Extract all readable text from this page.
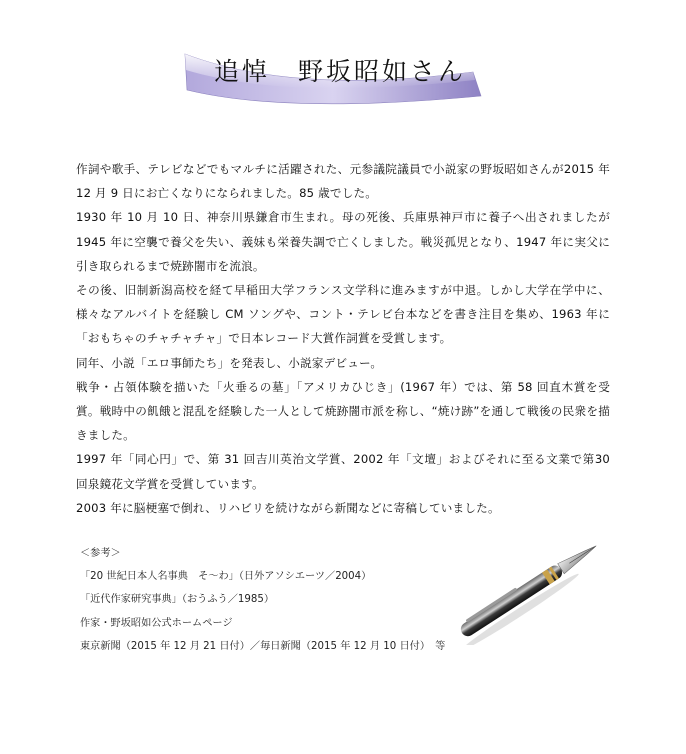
追悼　野坂昭如さん

作詞や歌手、テレビなどでもマルチに活躍された、元参議院議員で小説家の野坂昭如さんが2015 年 12 月 9 日にお亡くなりになられました。85 歳でした。

1930 年 10 月 10 日、神奈川県鎌倉市生まれ。母の死後、兵庫県神戸市に養子へ出されましたが 1945 年に空襲で養父を失い、義妹も栄養失調で亡くしました。戦災孤児となり、1947 年に実父に引き取られるまで焼跡闇市を流浪。

その後、旧制新潟高校を経て早稲田大学フランス文学科に進みますが中退。しかし大学在学中に、様々なアルバイトを経験し CM ソングや、コント・テレビ台本などを書き注目を集め、1963 年に「おもちゃのチャチャチャ」で日本レコード大賞作詞賞を受賞します。

同年、小説「エロ事師たち」を発表し、小説家デビュー。

戦争・占領体験を描いた「火垂るの墓」「アメリカひじき」(1967 年）では、第 58 回直木賞を受賞。戦時中の飢餓と混乱を経験した一人として焼跡闇市派を称し、“焼け跡”を通して戦後の民衆を描きました。

1997 年「同心円」で、第 31 回吉川英治文学賞、2002 年「文壇」およびそれに至る文業で第30 回泉鏡花文学賞を受賞しています。

2003 年に脳梗塞で倒れ、リハビリを続けながら新聞などに寄稿していました。

＜参考＞
「20 世紀日本人名事典　そ〜わ」（日外アソシエーツ／2004）
「近代作家研究事典」（おうふう／1985）
作家・野坂昭如公式ホームページ
東京新聞（2015 年 12 月 21 日付）／毎日新聞（2015 年 12 月 10 日付）　等
